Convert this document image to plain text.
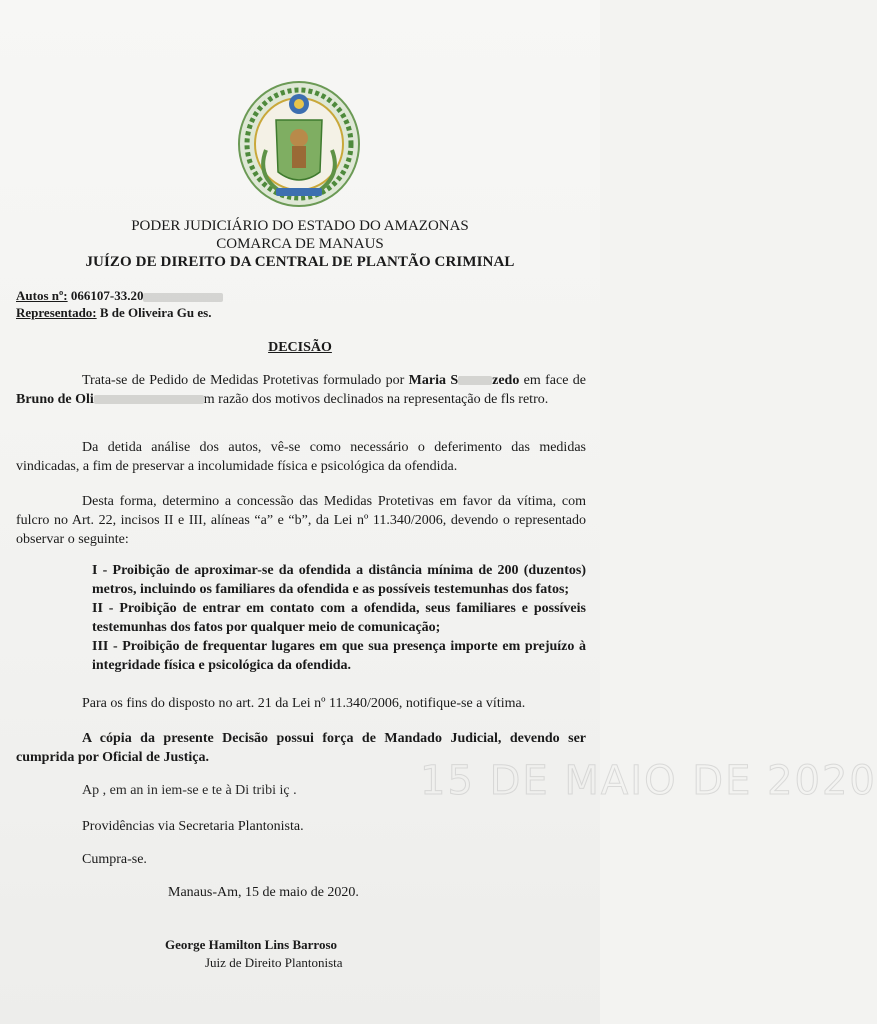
PODER JUDICIÁRIO DO ESTADO DO AMAZONAS
COMARCA DE MANAUS
JUÍZO DE DIREITO DA CENTRAL DE PLANTÃO CRIMINAL
Autos nº: 066107-33.20
Representado: B de Oliveira Gu es.
DECISÃO
Trata-se de Pedido de Medidas Protetivas formulado por Maria S zedo em face de Bruno de Oli	m razão dos motivos declinados na representação de fls retro.
Da detida análise dos autos, vê-se como necessário o deferimento das medidas vindicadas, a fim de preservar a incolumidade física e psicológica da ofendida.
Desta forma, determino a concessão das Medidas Protetivas em favor da vítima, com fulcro no Art. 22, incisos II e III, alíneas “a” e “b”, da Lei nº 11.340/2006, devendo o representado observar o seguinte:
I - Proibição de aproximar-se da ofendida a distância mínima de 200 (duzentos) metros, incluindo os familiares da ofendida e as possíveis testemunhas dos fatos;
II - Proibição de entrar em contato com a ofendida, seus familiares e possíveis testemunhas dos fatos por qualquer meio de comunicação;
III - Proibição de frequentar lugares em que sua presença importe em prejuízo à integridade física e psicológica da ofendida.
Para os fins do disposto no art. 21 da Lei nº 11.340/2006, notifique-se a vítima.
A cópia da presente Decisão possui força de Mandado Judicial, devendo ser cumprida por Oficial de Justiça.
Ap , em an in iem-se e te à Di tribi iç .
Providências via Secretaria Plantonista.
Cumpra-se.
15 DE MAIO DE 2020
Manaus-Am, 15 de maio de 2020.
George Hamilton Lins Barroso
Juiz de Direito Plantonista
